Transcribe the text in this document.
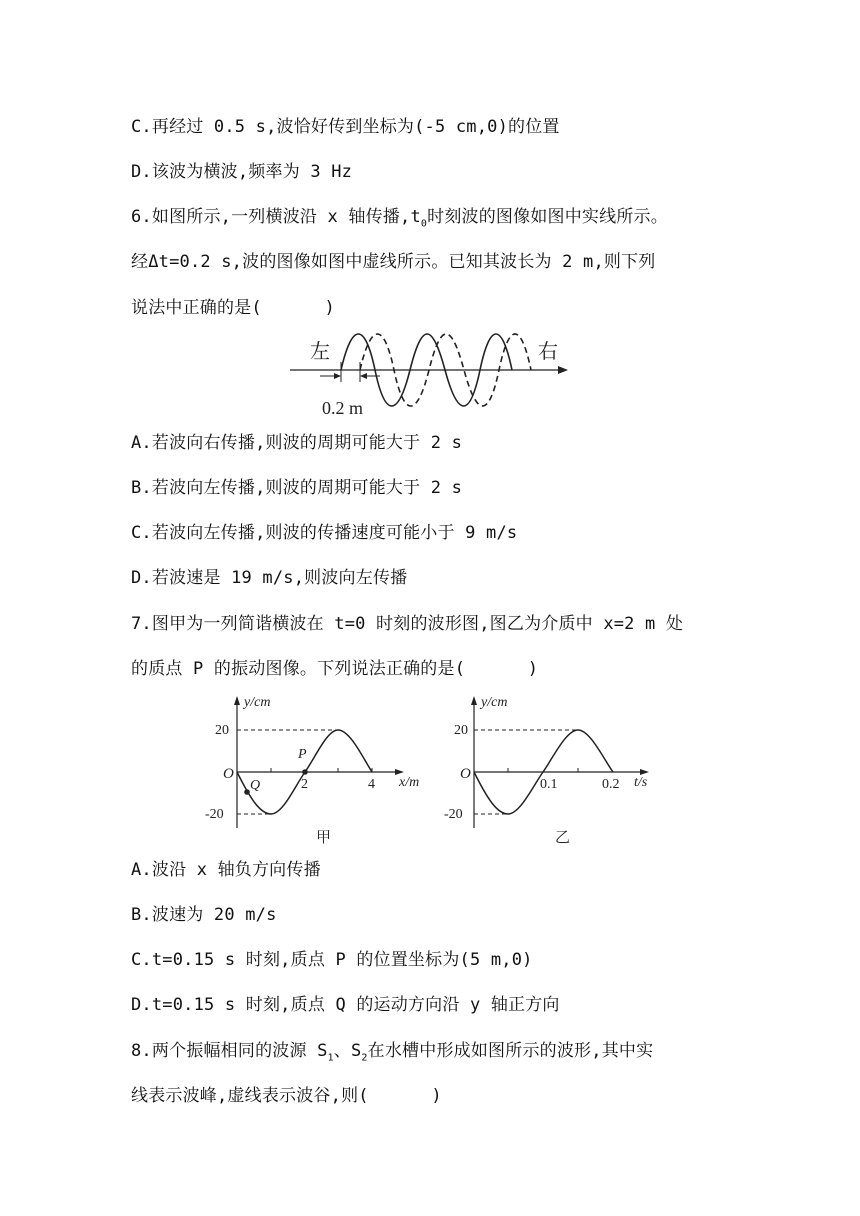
C.再经过 0.5 s,波恰好传到坐标为(-5 cm,0)的位置
D.该波为横波,频率为 3 Hz
6.如图所示,一列横波沿 x 轴传播$,t_0$时刻波的图像如图中实线所示。
经Δt=0.2 s,波的图像如图中虚线所示。已知其波长为 2 m,则下列
说法中正确的是(      )
左	右
0.2 m
A.若波向右传播,则波的周期可能大于 2 s
B.若波向左传播,则波的周期可能大于 2 s
C.若波向左传播,则波的传播速度可能小于 9 m/s
D.若波速是 19 m/s,则波向左传播
7.图甲为一列简谐横波在 t=0 时刻的波形图,图乙为介质中 x=2 m 处
的质点 P 的振动图像。下列说法正确的是(      )
y/cm
x/m
O
20
-20
2	4
P
Q
甲
y/cm
t/s
O
20
-20
0.1	0.2
乙
A.波沿 x 轴负方向传播
B.波速为 20 m/s
C.t=0.15 s 时刻,质点 P 的位置坐标为(5 m,0)
D.t=0.15 s 时刻,质点 Q 的运动方向沿 y 轴正方向
8.两个振幅相同的波源 $S_1$、$S_2$在水槽中形成如图所示的波形,其中实
线表示波峰,虚线表示波谷,则(      )
